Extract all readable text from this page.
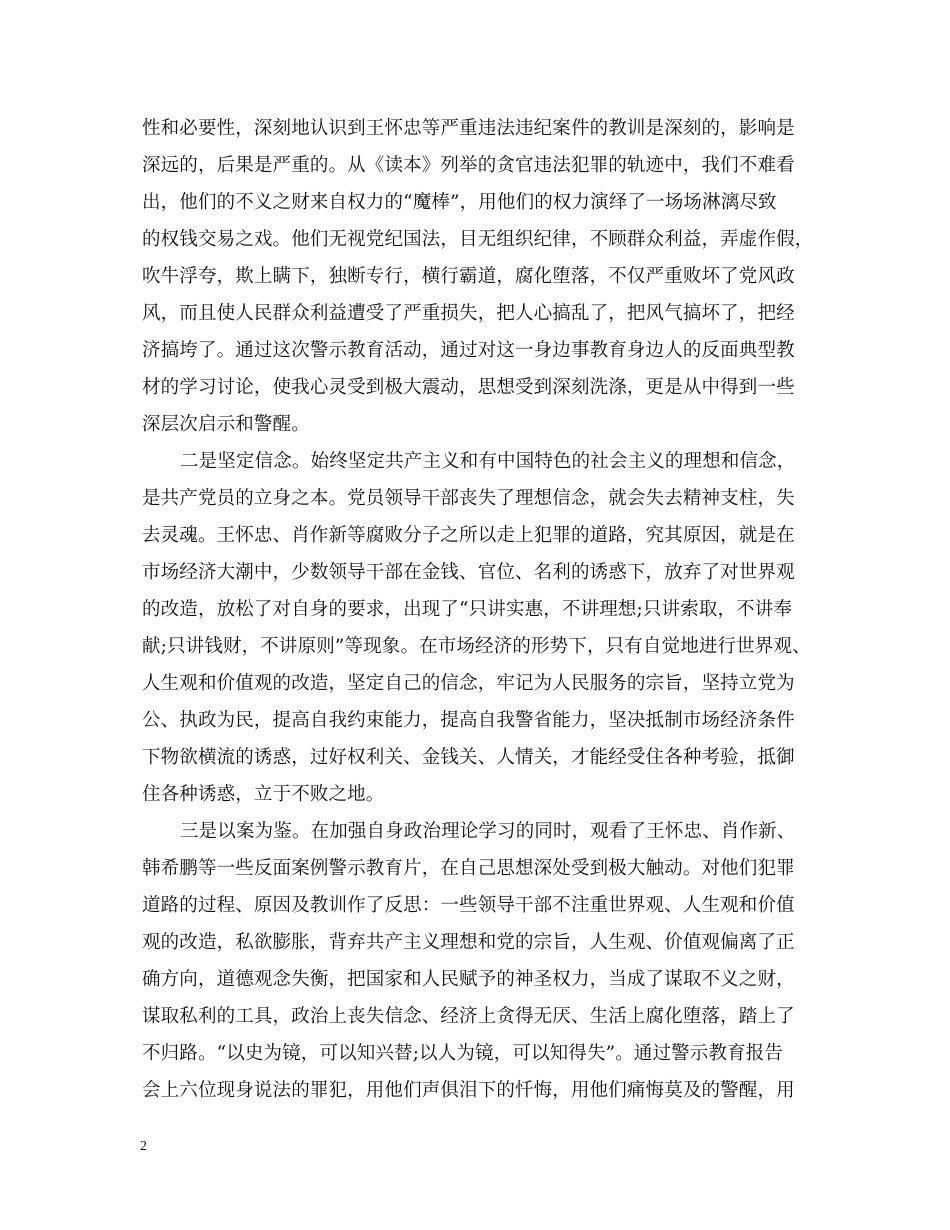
性和必要性，深刻地认识到王怀忠等严重违法违纪案件的教训是深刻的，影响是
深远的，后果是严重的。从《读本》列举的贪官违法犯罪的轨迹中，我们不难看
出，他们的不义之财来自权力的“魔棒”，用他们的权力演绎了一场场淋漓尽致
的权钱交易之戏。他们无视党纪国法，目无组织纪律，不顾群众利益，弄虚作假，
吹牛浮夸，欺上瞒下，独断专行，横行霸道，腐化堕落，不仅严重败坏了党风政
风，而且使人民群众利益遭受了严重损失，把人心搞乱了，把风气搞坏了，把经
济搞垮了。通过这次警示教育活动，通过对这一身边事教育身边人的反面典型教
材的学习讨论，使我心灵受到极大震动，思想受到深刻洗涤，更是从中得到一些
深层次启示和警醒。
二是坚定信念。始终坚定共产主义和有中国特色的社会主义的理想和信念，
是共产党员的立身之本。党员领导干部丧失了理想信念，就会失去精神支柱，失
去灵魂。王怀忠、肖作新等腐败分子之所以走上犯罪的道路，究其原因，就是在
市场经济大潮中，少数领导干部在金钱、官位、名利的诱惑下，放弃了对世界观
的改造，放松了对自身的要求，出现了“只讲实惠，不讲理想;只讲索取，不讲奉
献;只讲钱财，不讲原则”等现象。在市场经济的形势下，只有自觉地进行世界观、
人生观和价值观的改造，坚定自己的信念，牢记为人民服务的宗旨，坚持立党为
公、执政为民，提高自我约束能力，提高自我警省能力，坚决抵制市场经济条件
下物欲横流的诱惑，过好权利关、金钱关、人情关，才能经受住各种考验，抵御
住各种诱惑，立于不败之地。
三是以案为鉴。在加强自身政治理论学习的同时，观看了王怀忠、肖作新、
韩希鹏等一些反面案例警示教育片，在自己思想深处受到极大触动。对他们犯罪
道路的过程、原因及教训作了反思：一些领导干部不注重世界观、人生观和价值
观的改造，私欲膨胀，背弃共产主义理想和党的宗旨，人生观、价值观偏离了正
确方向，道德观念失衡，把国家和人民赋予的神圣权力，当成了谋取不义之财，
谋取私利的工具，政治上丧失信念、经济上贪得无厌、生活上腐化堕落，踏上了
不归路。“以史为镜，可以知兴替;以人为镜，可以知得失”。通过警示教育报告
会上六位现身说法的罪犯，用他们声俱泪下的忏悔，用他们痛悔莫及的警醒，用
2
